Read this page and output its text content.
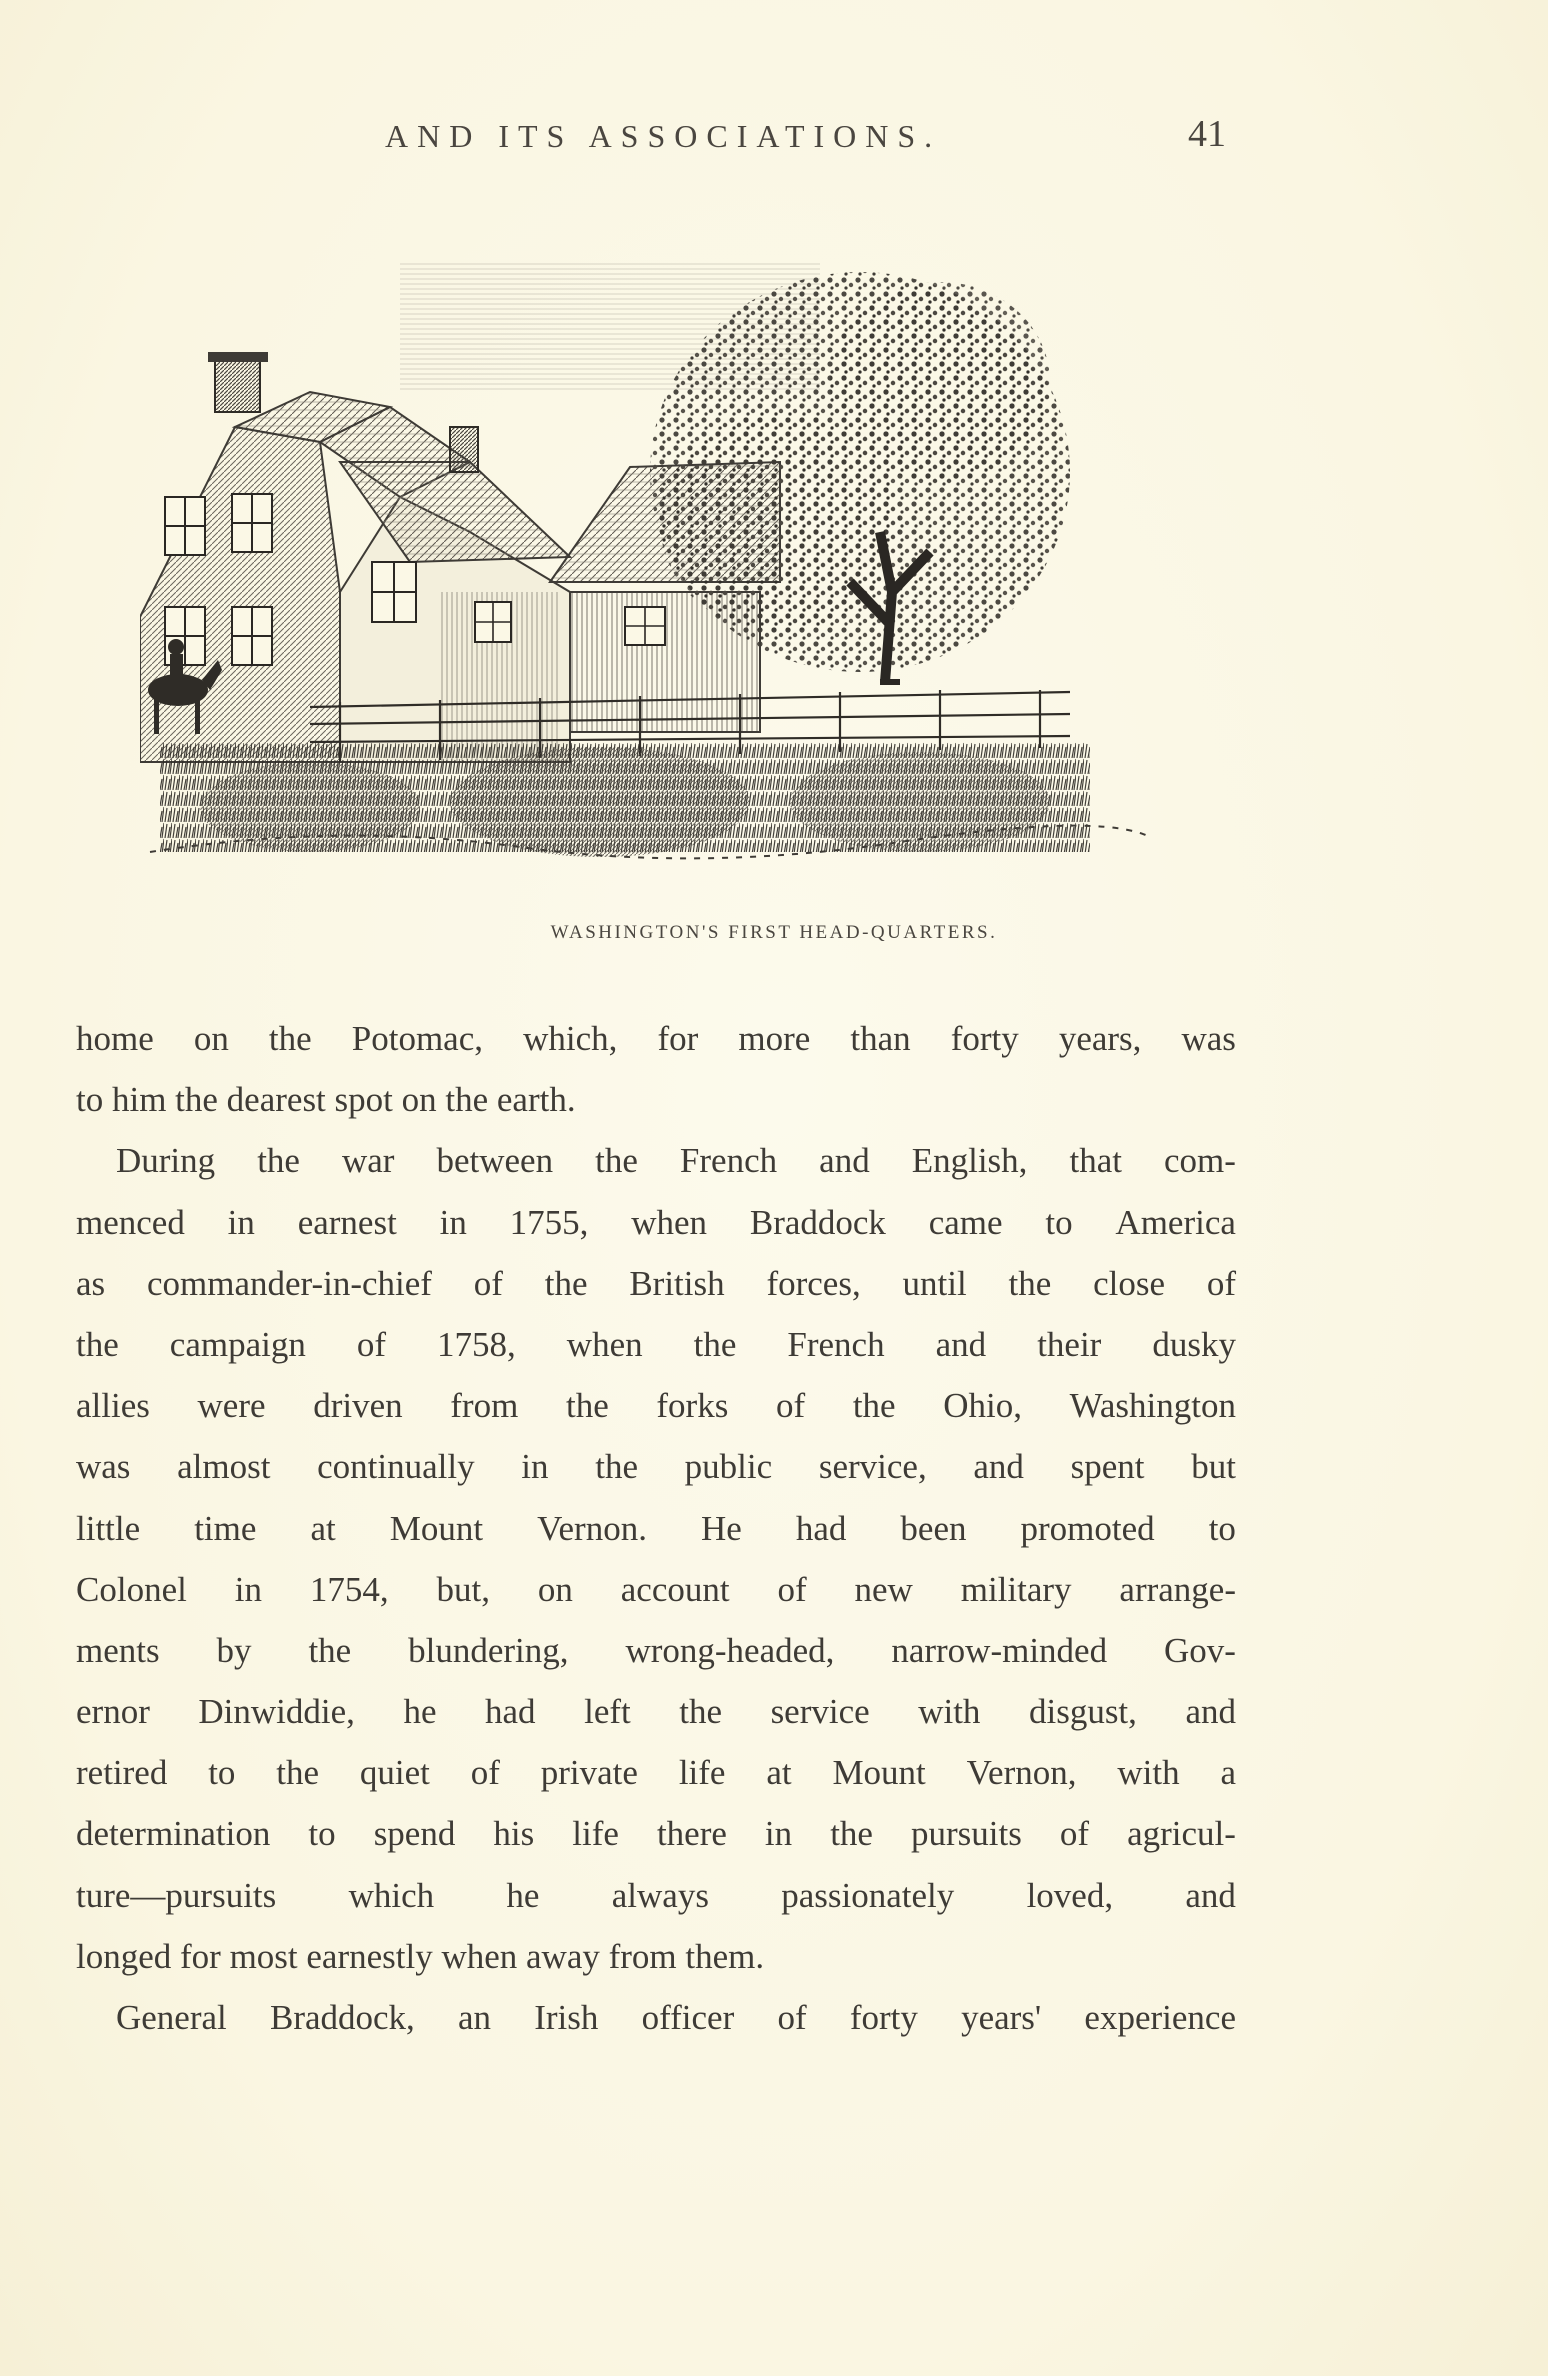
AND ITS ASSOCIATIONS.	41
WASHINGTON'S FIRST HEAD-QUARTERS.
home on the Potomac, which, for more than forty years, was
to him the dearest spot on the earth.
During the war between the French and English, that com-
menced in earnest in 1755, when Braddock came to America
as commander-in-chief of the British forces, until the close of
the campaign of 1758, when the French and their dusky
allies were driven from the forks of the Ohio, Washington
was almost continually in the public service, and spent but
little time at Mount Vernon. He had been promoted to
Colonel in 1754, but, on account of new military arrange-
ments by the blundering, wrong-headed, narrow-minded Gov-
ernor Dinwiddie, he had left the service with disgust, and
retired to the quiet of private life at Mount Vernon, with a
determination to spend his life there in the pursuits of agricul-
ture—pursuits which he always passionately loved, and
longed for most earnestly when away from them.
General Braddock, an Irish officer of forty years' experience
